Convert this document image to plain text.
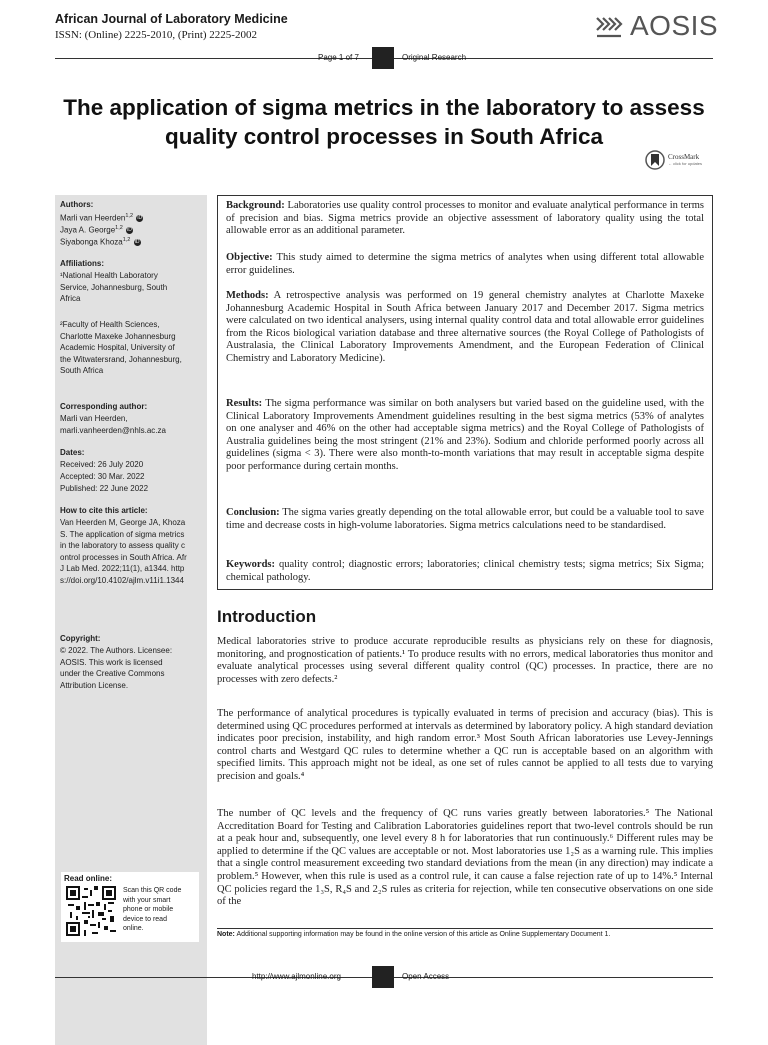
African Journal of Laboratory Medicine
ISSN: (Online) 2225-2010, (Print) 2225-2002	AOSIS
Page 1 of 7	Original Research
The application of sigma metrics in the laboratory to assess quality control processes in South Africa
CrossMark
← click for updates
Authors:
Marli van Heerden$^{1,2}$ iD
Jaya A. George$^{1,2}$ iD
Siyabonga Khoza$^{1,2}$ iD
Affiliations:
¹National Health Laboratory Service, Johannesburg, South Africa
²Faculty of Health Sciences, Charlotte Maxeke Johannesburg Academic Hospital, University of the Witwatersrand, Johannesburg, South Africa
Corresponding author:
Marli van Heerden, marli.vanheerden@nhls.ac.za
Dates:
Received: 26 July 2020
Accepted: 30 Mar. 2022
Published: 22 June 2022
How to cite this article:
Van Heerden M, George JA, Khoza S. The application of sigma metrics in the laboratory to assess quality control processes in South Africa. Afr J Lab Med. 2022;11(1), a1344. https://doi.org/10.4102/ajlm.v11i1.1344
Copyright:
© 2022. The Authors. Licensee: AOSIS. This work is licensed under the Creative Commons Attribution License.
Read online:
Scan this QR code with your smart phone or mobile device to read online.
Background: Laboratories use quality control processes to monitor and evaluate analytical performance in terms of precision and bias. Sigma metrics provide an objective assessment of laboratory quality using the total allowable error as an additional parameter.
Objective: This study aimed to determine the sigma metrics of analytes when using different total allowable error guidelines.
Methods: A retrospective analysis was performed on 19 general chemistry analytes at Charlotte Maxeke Johannesburg Academic Hospital in South Africa between January 2017 and December 2017. Sigma metrics were calculated on two identical analysers, using internal quality control data and total allowable error guidelines from the Ricos biological variation database and three alternative sources (the Royal College of Pathologists of Australasia, the Clinical Laboratory Improvements Amendment, and the European Federation of Clinical Chemistry and Laboratory Medicine).
Results: The sigma performance was similar on both analysers but varied based on the guideline used, with the Clinical Laboratory Improvements Amendment guidelines resulting in the best sigma metrics (53% of analytes on one analyser and 46% on the other had acceptable sigma metrics) and the Royal College of Pathologists of Australia guidelines being the most stringent (21% and 23%). Sodium and chloride performed poorly across all guidelines (sigma < 3). There were also month-to-month variations that may result in acceptable sigma despite poor performance during certain months.
Conclusion: The sigma varies greatly depending on the total allowable error, but could be a valuable tool to save time and decrease costs in high-volume laboratories. Sigma metrics calculations need to be standardised.
Keywords: quality control; diagnostic errors; laboratories; clinical chemistry tests; sigma metrics; Six Sigma; chemical pathology.
Introduction
Medical laboratories strive to produce accurate reproducible results as physicians rely on these for diagnosis, monitoring, and prognostication of patients.¹ To produce results with no errors, medical laboratories thus monitor and evaluate analytical processes using several different quality control (QC) processes. In practice, there are no processes with zero defects.²
The performance of analytical procedures is typically evaluated in terms of precision and accuracy (bias). This is determined using QC procedures performed at intervals as determined by laboratory policy. A high standard deviation indicates poor precision, instability, and high random error.³ Most South African laboratories use Levey-Jennings control charts and Westgard QC rules to determine whether a QC run is acceptable based on an algorithm with specified limits. This approach might not be ideal, as one set of rules cannot be applied to all tests due to varying precision and goals.⁴
The number of QC levels and the frequency of QC runs varies greatly between laboratories.⁵ The National Accreditation Board for Testing and Calibration Laboratories guidelines report that two-level controls should be run at a peak hour and, subsequently, one level every 8 h for laboratories that run continuously.⁶ Different rules may be applied to determine if the QC values are acceptable or not. Most laboratories use 1₂S as a warning rule. This implies that a single control measurement exceeding two standard deviations from the mean (in any direction) may indicate a problem.⁵ However, when this rule is used as a control rule, it can cause a false rejection rate of up to 14%.⁵ Internal QC policies regard the 1₃S, R₄S and 2₂S rules as criteria for rejection, while ten consecutive observations on one side of the
Note: Additional supporting information may be found in the online version of this article as Online Supplementary Document 1.
http://www.ajlmonline.org	Open Access
